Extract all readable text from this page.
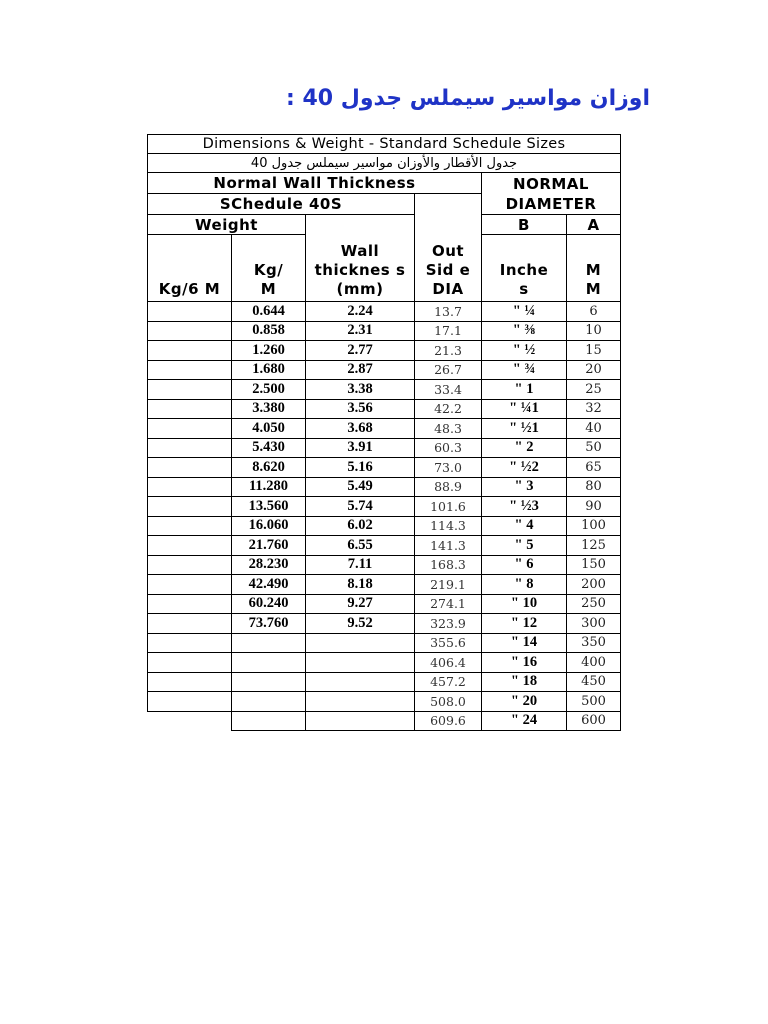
اوزان مواسير سيملس جدول 40 :
Dimensions & Weight - Standard Schedule Sizes					
جدول الأقطار والأوزان مواسير سيملس جدول 40					
Normal Wall Thickness				NORMAL DIAMETER	
SChedule 40S			Out Sid e DIA		
Weight		Wall thicknes s (mm)		B	A
Kg/6 M	Kg/ M			Inche s	M M
	0.644	2.24	13.7	" ¼	6
	0.858	2.31	17.1	" ⅜	10
	1.260	2.77	21.3	" ½	15
	1.680	2.87	26.7	" ¾	20
	2.500	3.38	33.4	" 1	25
	3.380	3.56	42.2	" ¼1	32
	4.050	3.68	48.3	" ½1	40
	5.430	3.91	60.3	" 2	50
	8.620	5.16	73.0	" ½2	65
	11.280	5.49	88.9	" 3	80
	13.560	5.74	101.6	" ½3	90
	16.060	6.02	114.3	" 4	100
	21.760	6.55	141.3	" 5	125
	28.230	7.11	168.3	" 6	150
	42.490	8.18	219.1	" 8	200
	60.240	9.27	274.1	" 10	250
	73.760	9.52	323.9	" 12	300
			355.6	" 14	350
			406.4	" 16	400
			457.2	" 18	450
			508.0	" 20	500
			609.6	" 24	600
